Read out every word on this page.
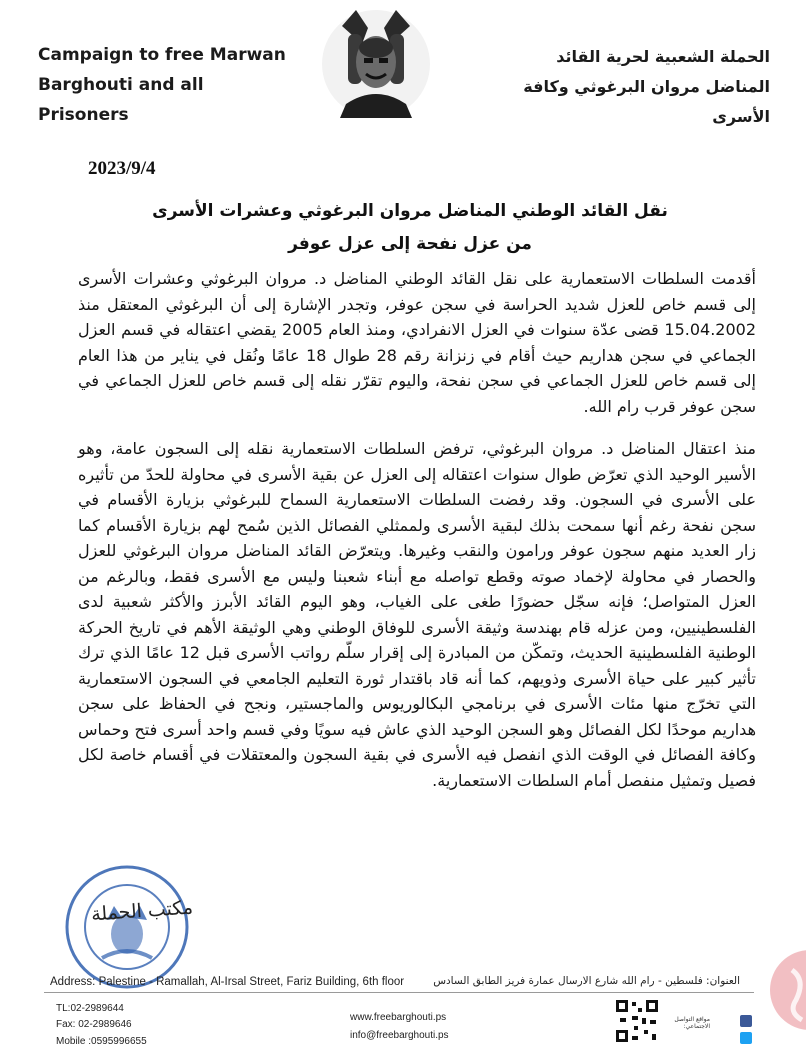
Campaign to free Marwan
Barghouti and all Prisoners
الحملة الشعبية لحرية القائد
المناضل مروان البرغوثي وكافة الأسرى
2023/9/4
نقل القائد الوطني المناضل مروان البرغوثي وعشرات الأسرى
من عزل نفحة إلى عزل عوفر
أقدمت السلطات الاستعمارية على نقل القائد الوطني المناضل د. مروان البرغوثي وعشرات الأسرى إلى قسم خاص للعزل شديد الحراسة في سجن عوفر، وتجدر الإشارة إلى أن البرغوثي المعتقل منذ 15.04.2002 قضى عدّة سنوات في العزل الانفرادي، ومنذ العام 2005 يقضي اعتقاله في قسم العزل الجماعي في سجن هداريم حيث أقام في زنزانة رقم 28 طوال 18 عامًا ونُقل في يناير من هذا العام إلى قسم خاص للعزل الجماعي في سجن نفحة، واليوم تقرّر نقله إلى قسم خاص للعزل الجماعي في سجن عوفر قرب رام الله.
منذ اعتقال المناضل د. مروان البرغوثي، ترفض السلطات الاستعمارية نقله إلى السجون عامة، وهو الأسير الوحيد الذي تعرّض طوال سنوات اعتقاله إلى العزل عن بقية الأسرى في محاولة للحدّ من تأثيره على الأسرى في السجون. وقد رفضت السلطات الاستعمارية السماح للبرغوثي بزيارة الأقسام في سجن نفحة رغم أنها سمحت بذلك لبقية الأسرى ولممثلي الفصائل الذين سُمح لهم بزيارة الأقسام كما زار العديد منهم سجون عوفر ورامون والنقب وغيرها. ويتعرّض القائد المناضل مروان البرغوثي للعزل والحصار في محاولة لإخماد صوته وقطع تواصله مع أبناء شعبنا وليس مع الأسرى فقط، وبالرغم من العزل المتواصل؛ فإنه سجّل حضورًا طغى على الغياب، وهو اليوم القائد الأبرز والأكثر شعبية لدى الفلسطينيين، ومن عزله قام بهندسة وثيقة الأسرى للوفاق الوطني وهي الوثيقة الأهم في تاريخ الحركة الوطنية الفلسطينية الحديث، وتمكّن من المبادرة إلى إقرار سلّم رواتب الأسرى قبل 12 عامًا الذي ترك تأثير كبير على حياة الأسرى وذويهم، كما أنه قاد باقتدار ثورة التعليم الجامعي في السجون الاستعمارية التي تخرّج منها مئات الأسرى في برنامجي البكالوريوس والماجستير، ونجح في الحفاظ على سجن هداريم موحدًا لكل الفصائل وهو السجن الوحيد الذي عاش فيه سويًا وفي قسم واحد أسرى فتح وحماس وكافة الفصائل في الوقت الذي انفصل فيه الأسرى في بقية السجون والمعتقلات في أقسام خاصة لكل فصيل وتمثيل منفصل أمام السلطات الاستعمارية.
مكتب الحملة
Address: Palestine - Ramallah, Al-Irsal Street, Fariz Building, 6th floor	العنوان: فلسطين - رام الله شارع الارسال عمارة فريز الطابق السادس
TL:02-2989644
Fax: 02-2989646
Mobile :0595996655
www.freebarghouti.ps
info@freebarghouti.ps
مواقع التواصل الاجتماعي:
